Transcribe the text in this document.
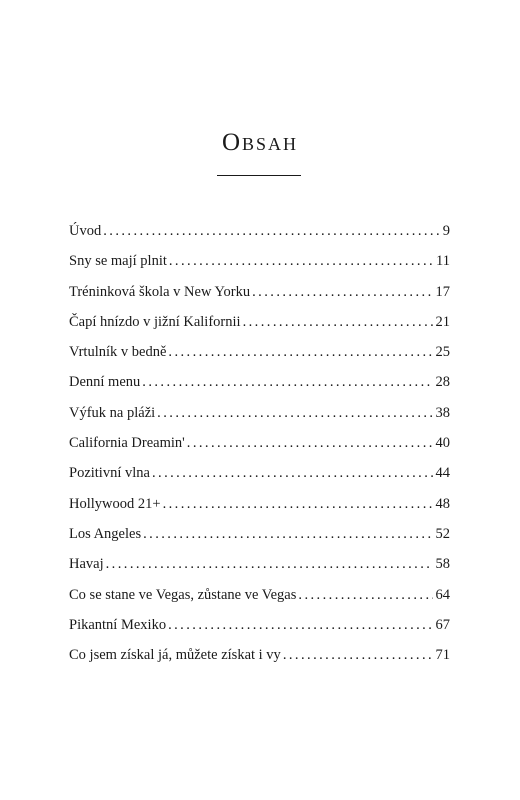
Obsah
Úvod . . .	9
Sny se mají plnit . . .	11
Tréninková škola v New Yorku . . .	17
Čapí hnízdo v jižní Kalifornii . . .	21
Vrtulník v bedně . . .	25
Denní menu . . .	28
Výfuk na pláži . . .	38
California Dreamin' . . .	40
Pozitivní vlna . . .	44
Hollywood 21+ . . .	48
Los Angeles . . .	52
Havaj . . .	58
Co se stane ve Vegas, zůstane ve Vegas . . .	64
Pikantní Mexiko . . .	67
Co jsem získal já, můžete získat i vy . . .	71
